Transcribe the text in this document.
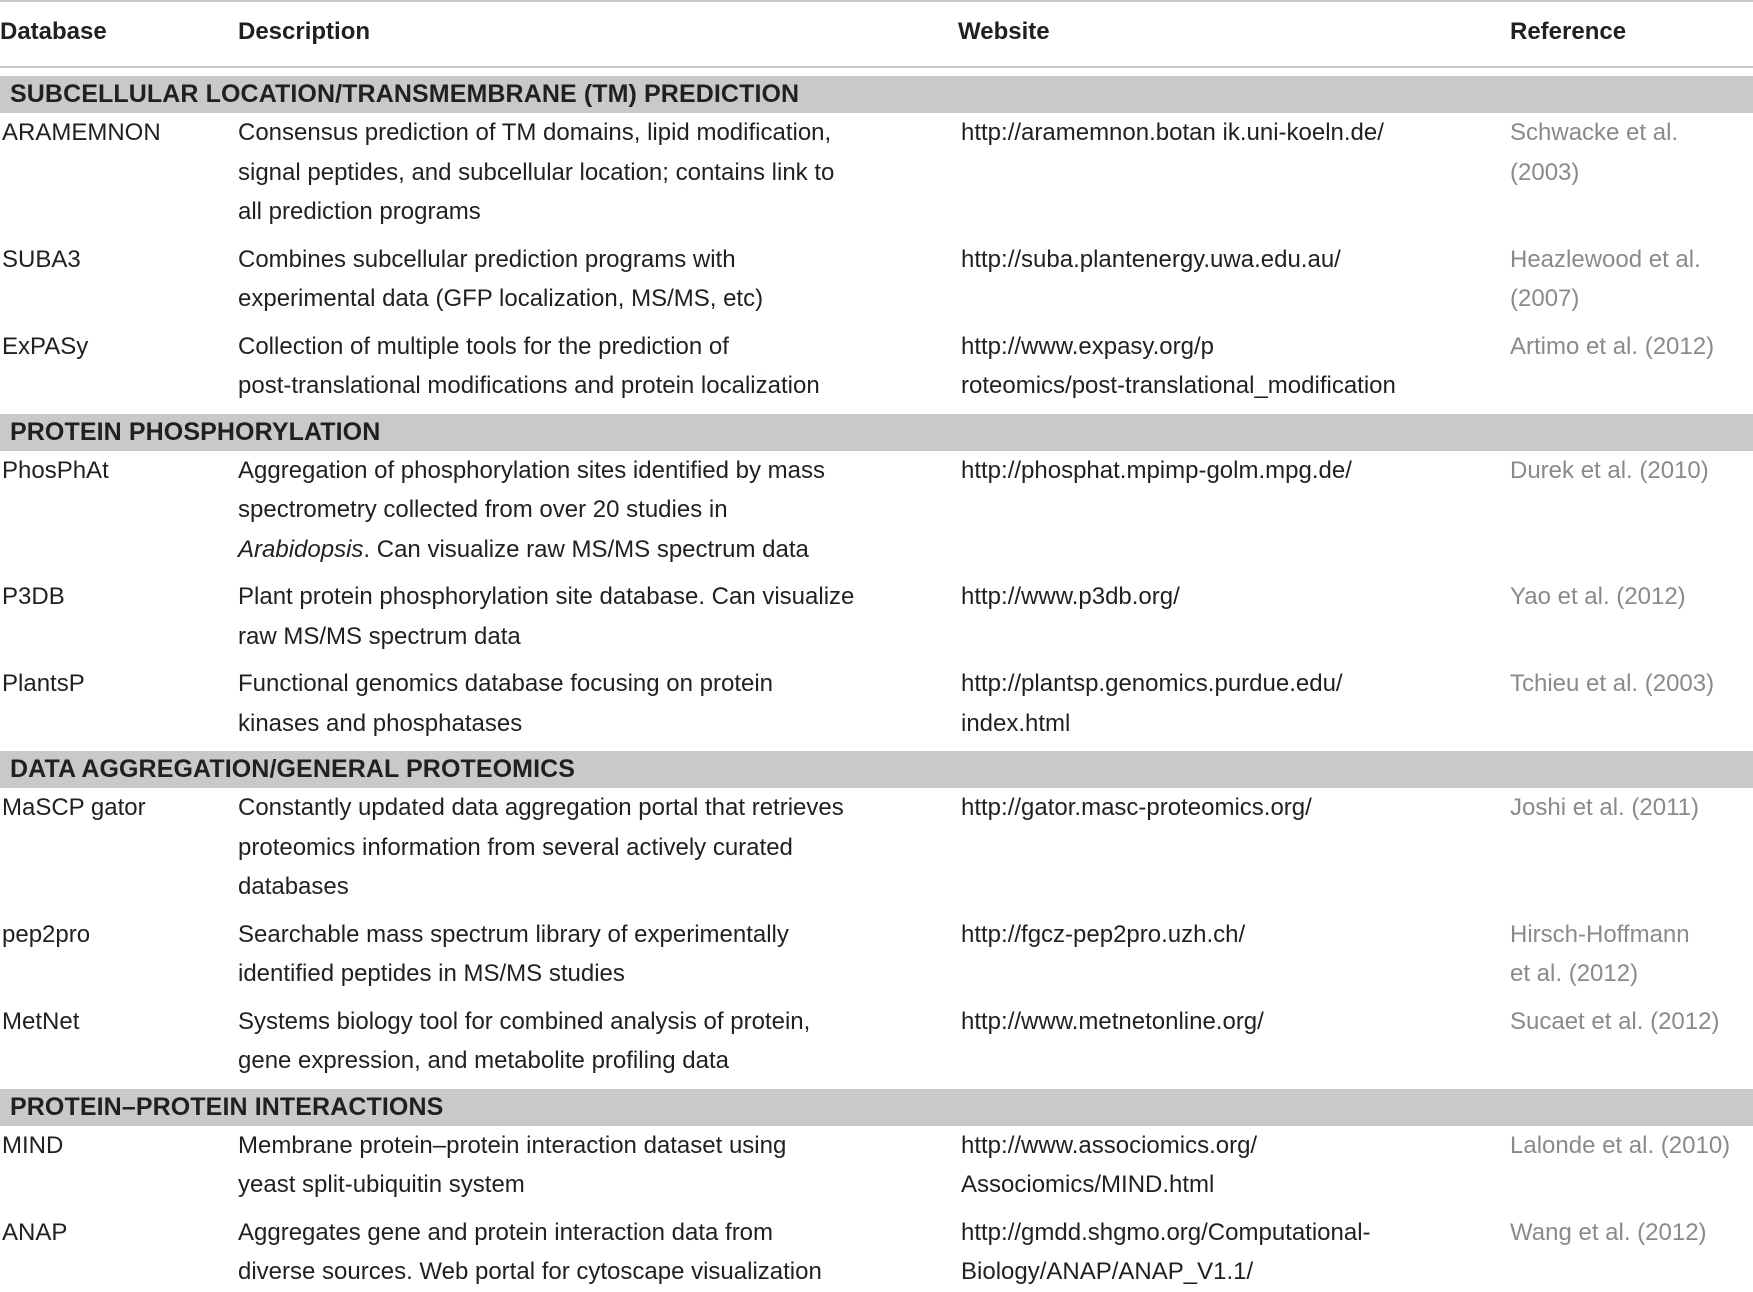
Database	Description	Website	Reference

SUBCELLULAR LOCATION/TRANSMEMBRANE (TM) PREDICTION			
ARAMEMNON	Consensus prediction of TM domains, lipid modification,
signal peptides, and subcellular location; contains link to
all prediction programs	http://aramemnon.botan ik.uni-koeln.de/	Schwacke et al.
(2003)

SUBA3	Combines subcellular prediction programs with
experimental data (GFP localization, MS/MS, etc)	http://suba.plantenergy.uwa.edu.au/	Heazlewood et al.
(2007)

ExPASy	Collection of multiple tools for the prediction of
post-translational modifications and protein localization	http://www.expasy.org/p
roteomics/post-translational_modification	Artimo et al. (2012)

PROTEIN PHOSPHORYLATION			
PhosPhAt	Aggregation of phosphorylation sites identified by mass
spectrometry collected from over 20 studies in
Arabidopsis. Can visualize raw MS/MS spectrum data	http://phosphat.mpimp-golm.mpg.de/	Durek et al. (2010)

P3DB	Plant protein phosphorylation site database. Can visualize
raw MS/MS spectrum data	http://www.p3db.org/	Yao et al. (2012)

PlantsP	Functional genomics database focusing on protein
kinases and phosphatases	http://plantsp.genomics.purdue.edu/
index.html	Tchieu et al. (2003)

DATA AGGREGATION/GENERAL PROTEOMICS			
MaSCP gator	Constantly updated data aggregation portal that retrieves
proteomics information from several actively curated
databases	http://gator.masc-proteomics.org/	Joshi et al. (2011)

pep2pro	Searchable mass spectrum library of experimentally
identified peptides in MS/MS studies	http://fgcz-pep2pro.uzh.ch/	Hirsch-Hoffmann
et al. (2012)

MetNet	Systems biology tool for combined analysis of protein,
gene expression, and metabolite profiling data	http://www.metnetonline.org/	Sucaet et al. (2012)

PROTEIN–PROTEIN INTERACTIONS			
MIND	Membrane protein–protein interaction dataset using
yeast split-ubiquitin system	http://www.associomics.org/
Associomics/MIND.html	Lalonde et al. (2010)

ANAP	Aggregates gene and protein interaction data from
diverse sources. Web portal for cytoscape visualization	http://gmdd.shgmo.org/Computational-
Biology/ANAP/ANAP_V1.1/	Wang et al. (2012)
